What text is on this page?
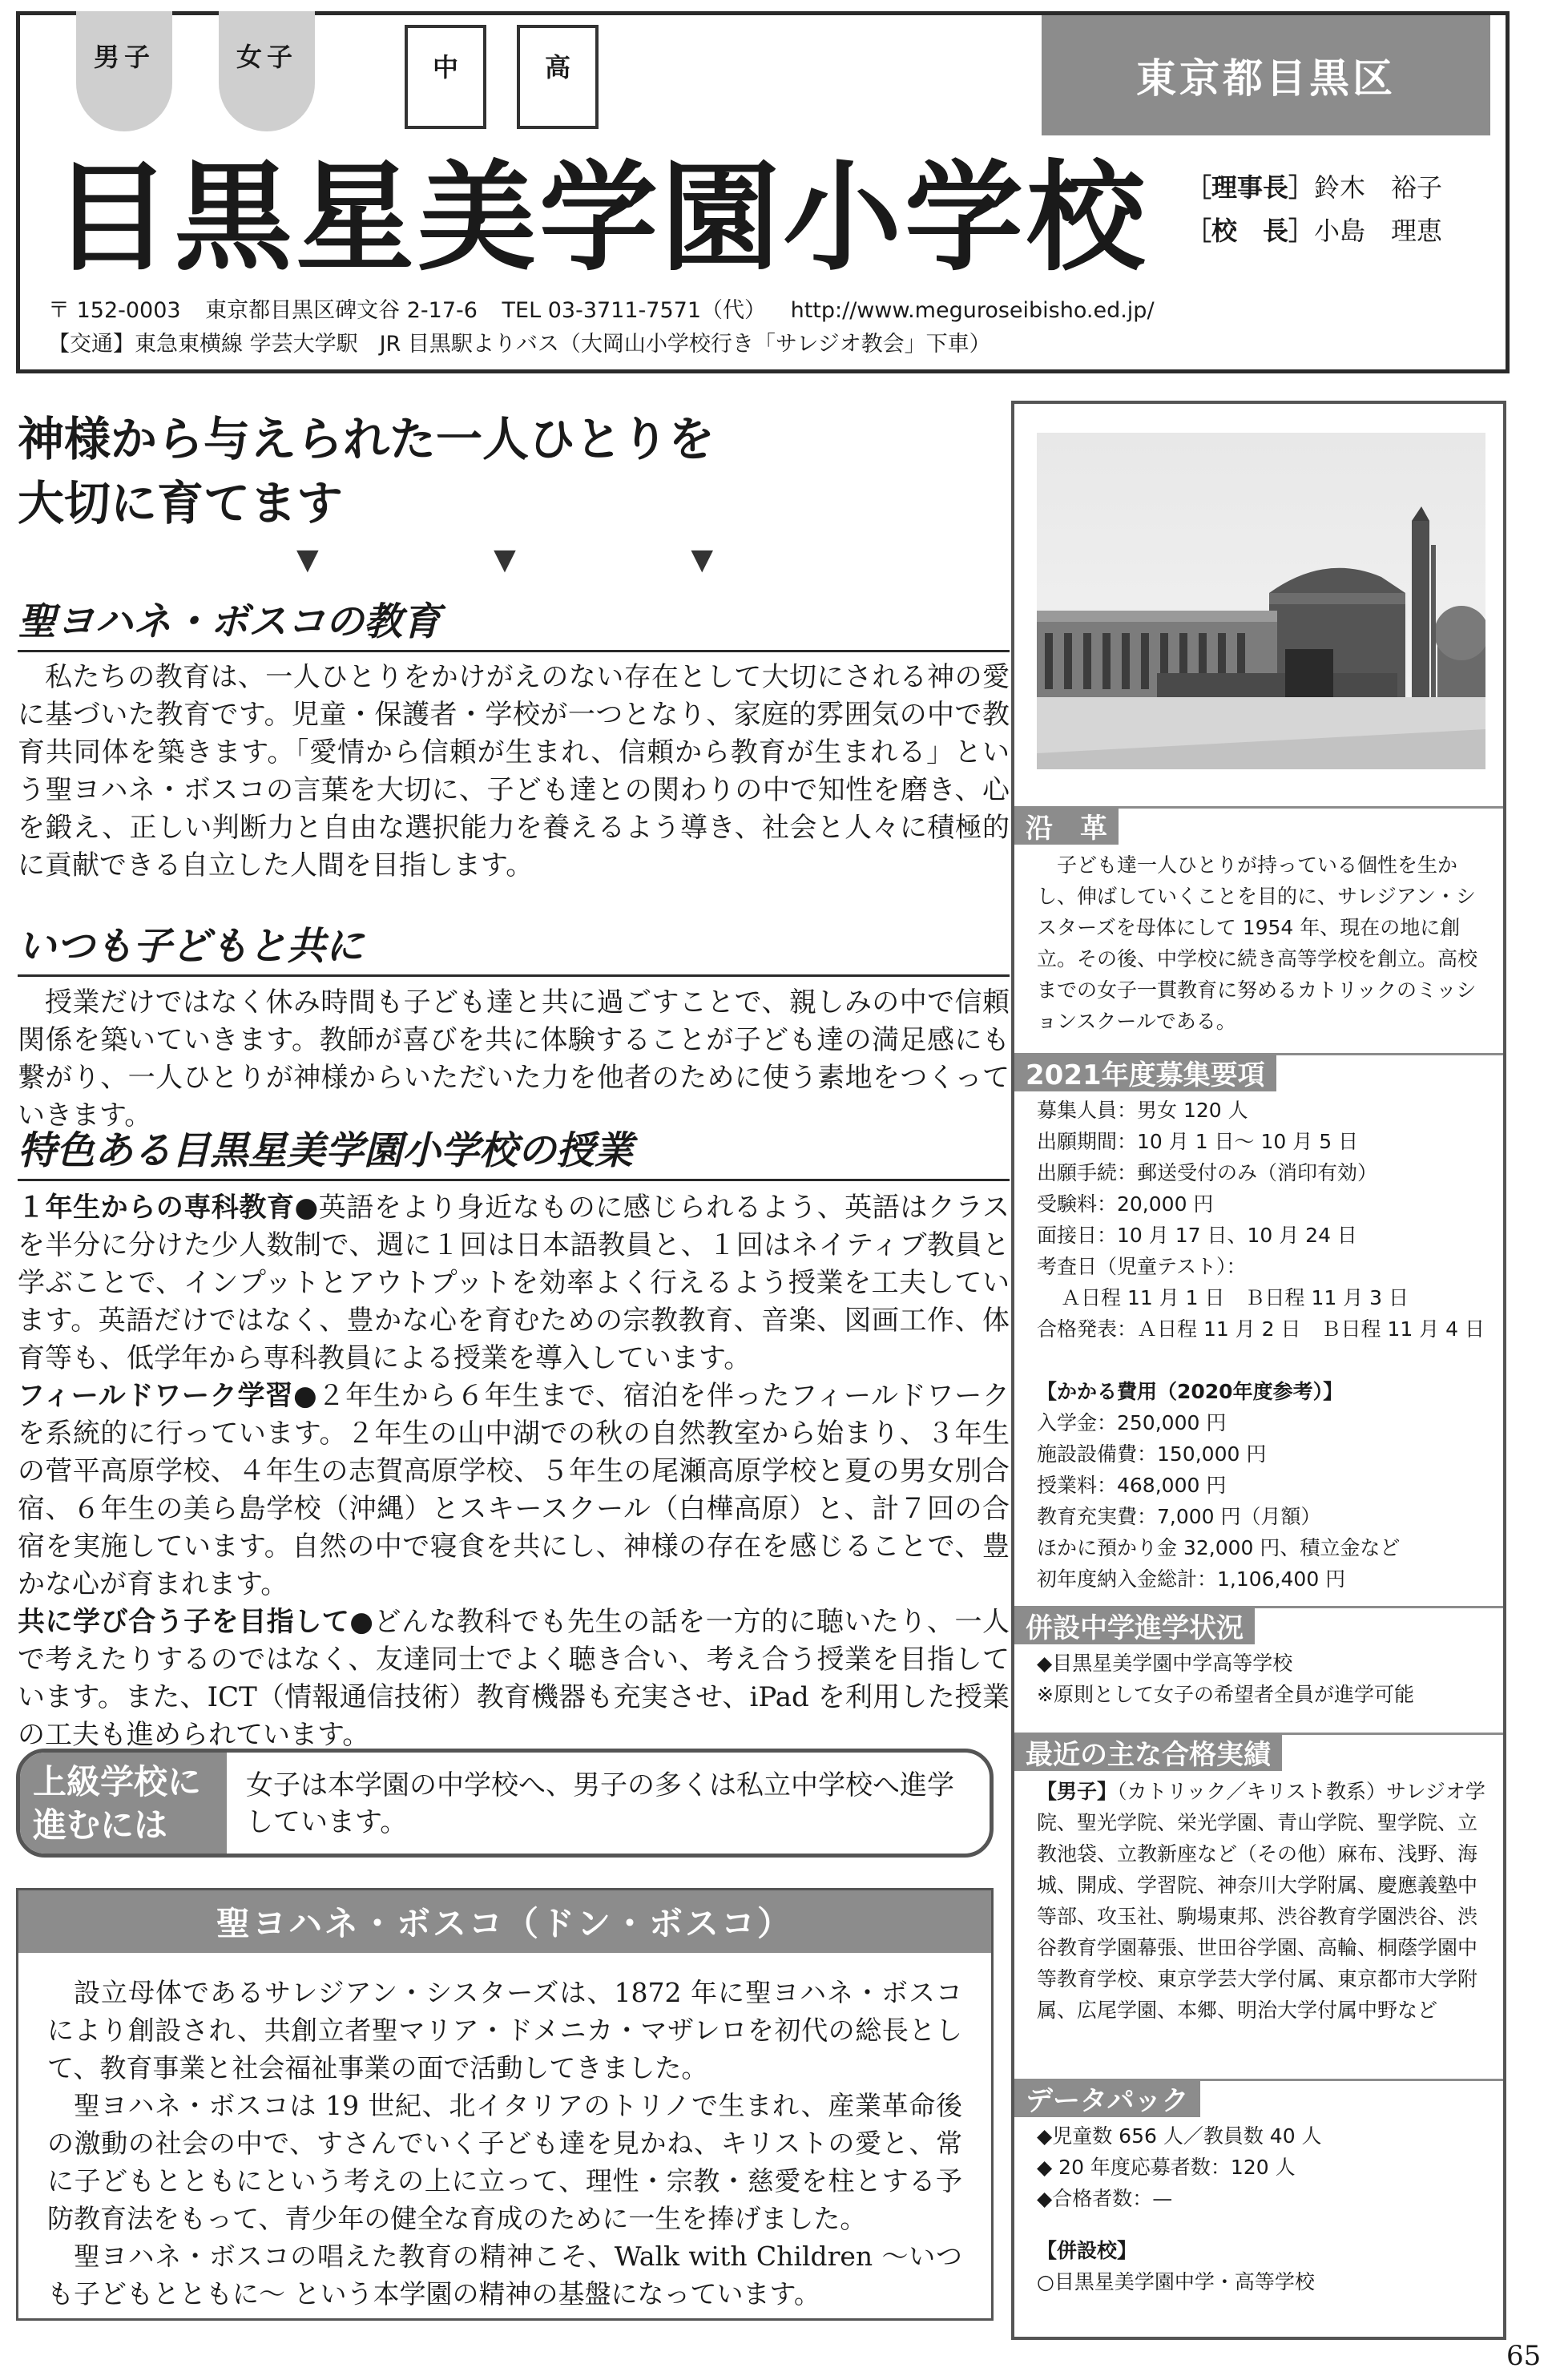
男子	女子	中	高	東京都目黒区
目黒星美学園小学校 ［理事長］鈴木　裕子
［校　長］小島　理恵
〒 152-0003 東京都目黒区碑文谷 2-17-6 TEL 03-3711-7571（代） http://www.meguroseibisho.ed.jp/
【交通】東急東横線 学芸大学駅　JR 目黒駅よりバス（大岡山小学校行き「サレジオ教会」下車）
神様から与えられた一人ひとりを
大切に育てます
▼	▼	▼
聖ヨハネ・ボスコの教育

私たちの教育は、一人ひとりをかけがえのない存在として大切にされる神の愛に基づいた教育です。児童・保護者・学校が一つとなり、家庭的雰囲気の中で教育共同体を築きます。「愛情から信頼が生まれ、信頼から教育が生まれる」という聖ヨハネ・ボスコの言葉を大切に、子ども達との関わりの中で知性を磨き、心を鍛え、正しい判断力と自由な選択能力を養えるよう導き、社会と人々に積極的に貢献できる自立した人間を目指します。

いつも子どもと共に

授業だけではなく休み時間も子ども達と共に過ごすことで、親しみの中で信頼関係を築いていきます。教師が喜びを共に体験することが子ども達の満足感にも繋がり、一人ひとりが神様からいただいた力を他者のために使う素地をつくっていきます。

特色ある目黒星美学園小学校の授業

１年生からの専科教育●英語をより身近なものに感じられるよう、英語はクラスを半分に分けた少人数制で、週に１回は日本語教員と、１回はネイティブ教員と学ぶことで、インプットとアウトプットを効率よく行えるよう授業を工夫しています。英語だけではなく、豊かな心を育むための宗教教育、音楽、図画工作、体育等も、低学年から専科教員による授業を導入しています。

フィールドワーク学習●２年生から６年生まで、宿泊を伴ったフィールドワークを系統的に行っています。２年生の山中湖での秋の自然教室から始まり、３年生の菅平高原学校、４年生の志賀高原学校、５年生の尾瀬高原学校と夏の男女別合宿、６年生の美ら島学校（沖縄）とスキースクール（白樺高原）と、計７回の合宿を実施しています。自然の中で寝食を共にし、神様の存在を感じることで、豊かな心が育まれます。

共に学び合う子を目指して●どんな教科でも先生の話を一方的に聴いたり、一人で考えたりするのではなく、友達同士でよく聴き合い、考え合う授業を目指しています。また、ICT（情報通信技術）教育機器も充実させ、iPad を利用した授業の工夫も進められています。

上級学校に
進むには
女子は本学園の中学校へ、男子の多くは私立中学校へ進学しています。
聖ヨハネ・ボスコ（ドン・ボスコ）

設立母体であるサレジアン・シスターズは、1872 年に聖ヨハネ・ボスコにより創設され、共創立者聖マリア・ドメニカ・マザレロを初代の総長として、教育事業と社会福祉事業の面で活動してきました。

聖ヨハネ・ボスコは 19 世紀、北イタリアのトリノで生まれ、産業革命後の激動の社会の中で、すさんでいく子ども達を見かね、キリストの愛と、常に子どもとともにという考えの上に立って、理性・宗教・慈愛を柱とする予防教育法をもって、青少年の健全な育成のために一生を捧げました。

聖ヨハネ・ボスコの唱えた教育の精神こそ、Walk with Children 〜いつも子どもとともに〜 という本学園の精神の基盤になっています。

沿　革
子ども達一人ひとりが持っている個性を生かし、伸ばしていくことを目的に、サレジアン・シスターズを母体にして 1954 年、現在の地に創立。その後、中学校に続き高等学校を創立。高校までの女子一貫教育に努めるカトリックのミッションスクールである。
2021年度募集要項
募集人員：男女 120 人
出願期間：10 月 1 日〜 10 月 5 日
出願手続：郵送受付のみ（消印有効）
受験料：20,000 円
面接日：10 月 17 日、10 月 24 日
考査日（児童テスト）：
Ａ日程 11 月 1 日　Ｂ日程 11 月 3 日
合格発表：Ａ日程 11 月 2 日　Ｂ日程 11 月 4 日
【かかる費用（2020年度参考）】
入学金：250,000 円
施設設備費：150,000 円
授業料：468,000 円
教育充実費：7,000 円（月額）
ほかに預かり金 32,000 円、積立金など
初年度納入金総計：1,106,400 円
併設中学進学状況
◆目黒星美学園中学高等学校
※原則として女子の希望者全員が進学可能
最近の主な合格実績
【男子】（カトリック／キリスト教系）サレジオ学院、聖光学院、栄光学園、青山学院、聖学院、立教池袋、立教新座など（その他）麻布、浅野、海城、開成、学習院、神奈川大学附属、慶應義塾中等部、攻玉社、駒場東邦、渋谷教育学園渋谷、渋谷教育学園幕張、世田谷学園、高輪、桐蔭学園中等教育学校、東京学芸大学付属、東京都市大学附属、広尾学園、本郷、明治大学付属中野など
データパック
◆児童数 656 人／教員数 40 人
◆ 20 年度応募者数：120 人
◆合格者数：—
【併設校】
○目黒星美学園中学・高等学校
65
